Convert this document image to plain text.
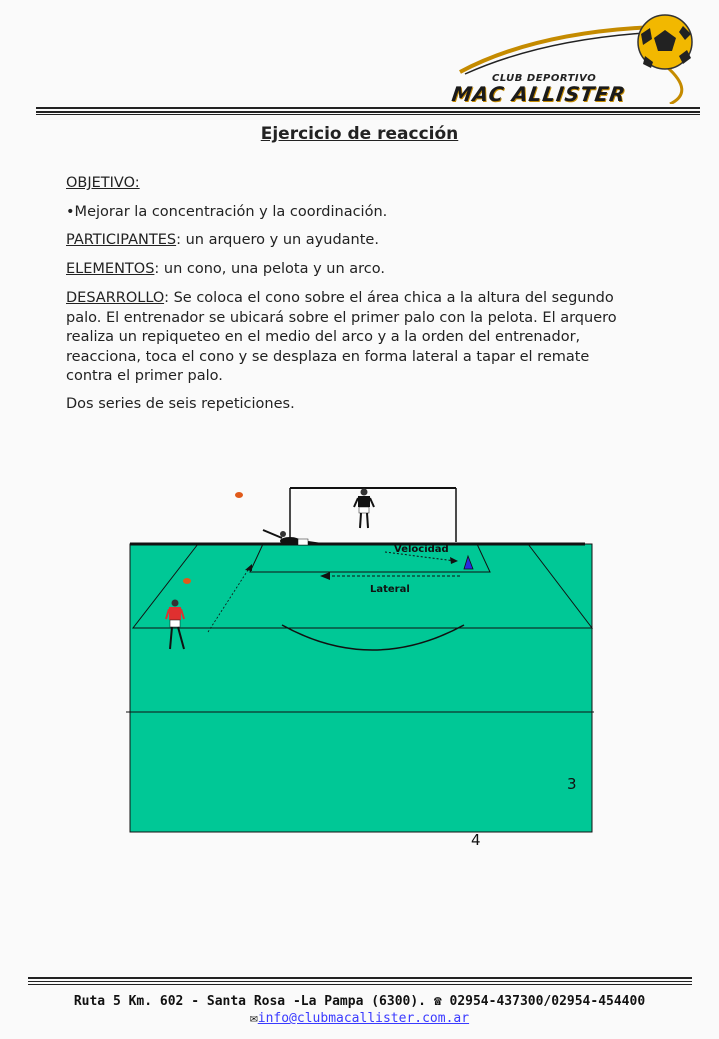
CLUB DEPORTIVO
MAC ALLISTER
Ejercicio de reacción
OBJETIVO:
•Mejorar la concentración y la coordinación.
PARTICIPANTES: un arquero y un ayudante.
ELEMENTOS: un cono, una pelota y un arco.
DESARROLLO: Se coloca el cono sobre el área chica a la altura del segundo palo. El entrenador se ubicará sobre el primer palo con la pelota. El arquero realiza un repiqueteo en el medio del arco y a la orden del entrenador, reacciona, toca el cono y se desplaza en forma lateral a tapar el remate contra el primer palo.
Dos series de seis repeticiones.
Velocidad
Lateral
3
4
Ruta 5 Km. 602 - Santa Rosa -La Pampa (6300). ☎ 02954-437300/02954-454400
✉info@clubmacallister.com.ar
